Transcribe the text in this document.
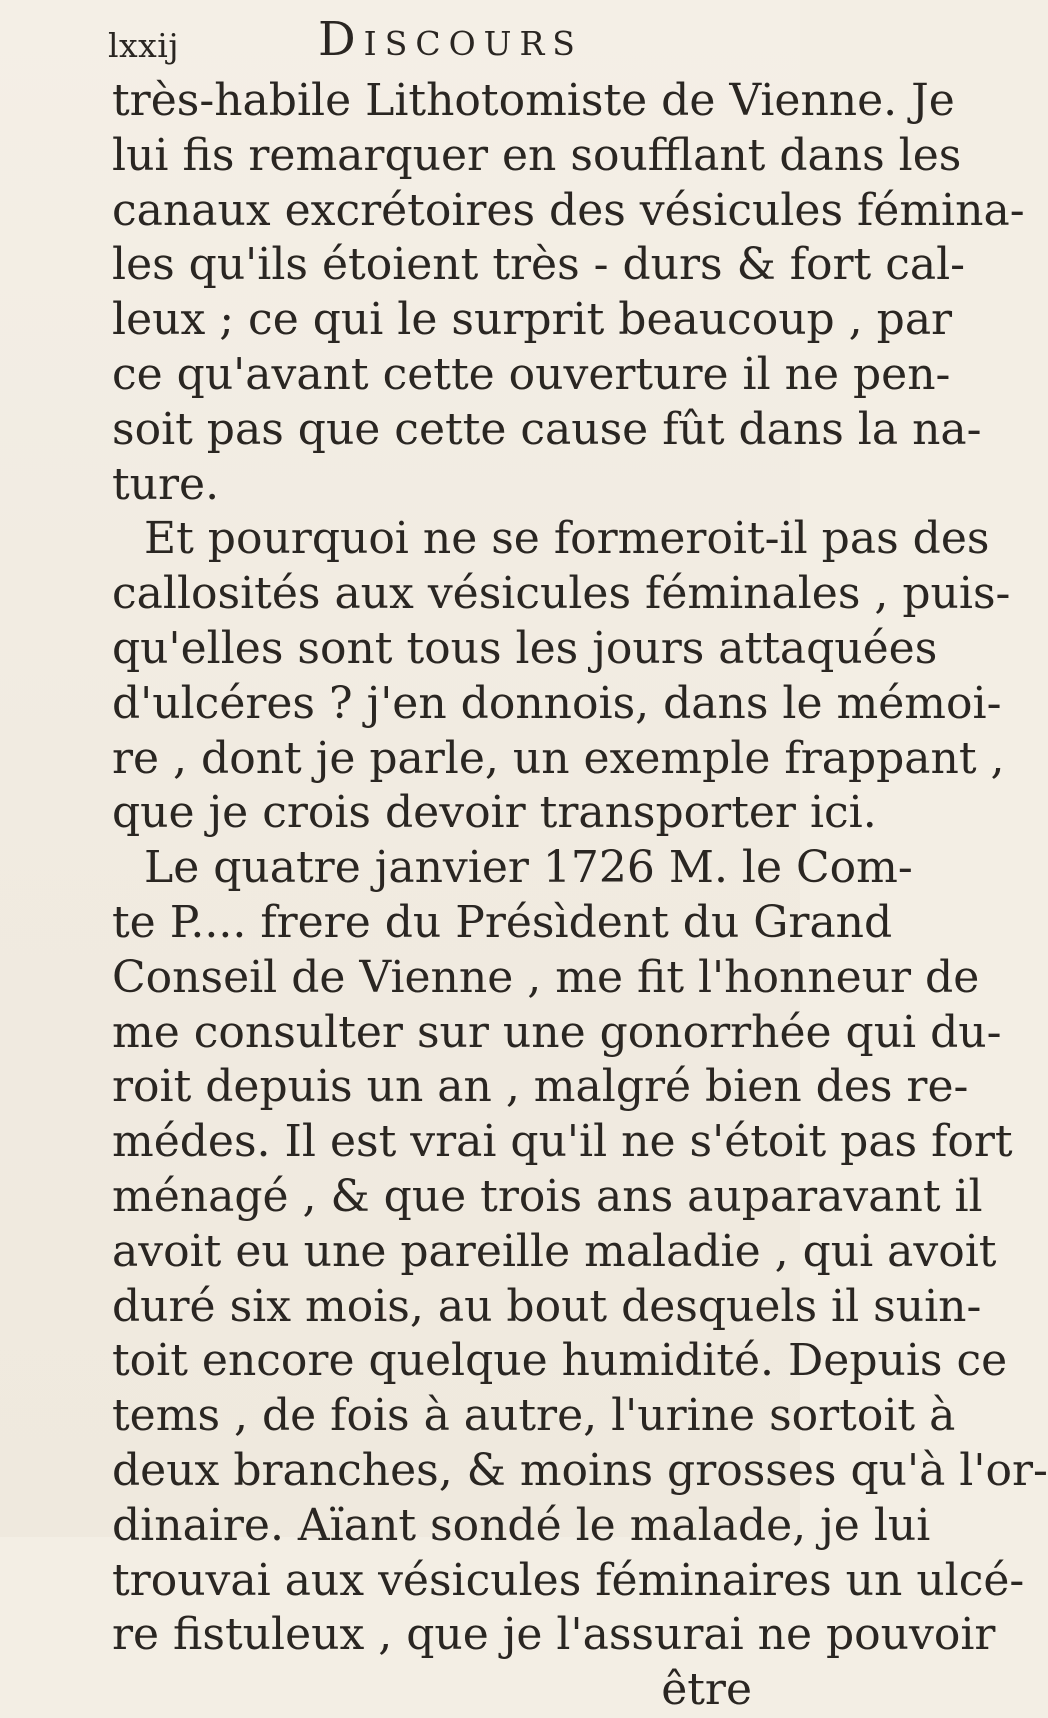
lxxij	Discours
très-habile Lithotomiste de Vienne. Je
lui fis remarquer en soufflant dans les
canaux excrétoires des vésicules fémina-
les qu'ils étoient très - durs & fort cal-
leux ; ce qui le surprit beaucoup , par
ce qu'avant cette ouverture il ne pen-
soit pas que cette cause fût dans la na-
ture.
Et pourquoi ne se formeroit-il pas des
callosités aux vésicules féminales , puis-
qu'elles sont tous les jours attaquées
d'ulcéres ? j'en donnois, dans le mémoi-
re , dont je parle, un exemple frappant ,
que je crois devoir transporter ici.
Le quatre janvier 1726 M. le Com-
te P.... frere du Présìdent du Grand
Conseil de Vienne , me fit l'honneur de
me consulter sur une gonorrhée qui du-
roit depuis un an , malgré bien des re-
médes. Il est vrai qu'il ne s'étoit pas fort
ménagé , & que trois ans auparavant il
avoit eu une pareille maladie , qui avoit
duré six mois, au bout desquels il suin-
toit encore quelque humidité. Depuis ce
tems , de fois à autre, l'urine sortoit à
deux branches, & moins grosses qu'à l'or-
dinaire. Aïant sondé le malade, je lui
trouvai aux vésicules féminaires un ulcé-
re fistuleux , que je l'assurai ne pouvoir
être
